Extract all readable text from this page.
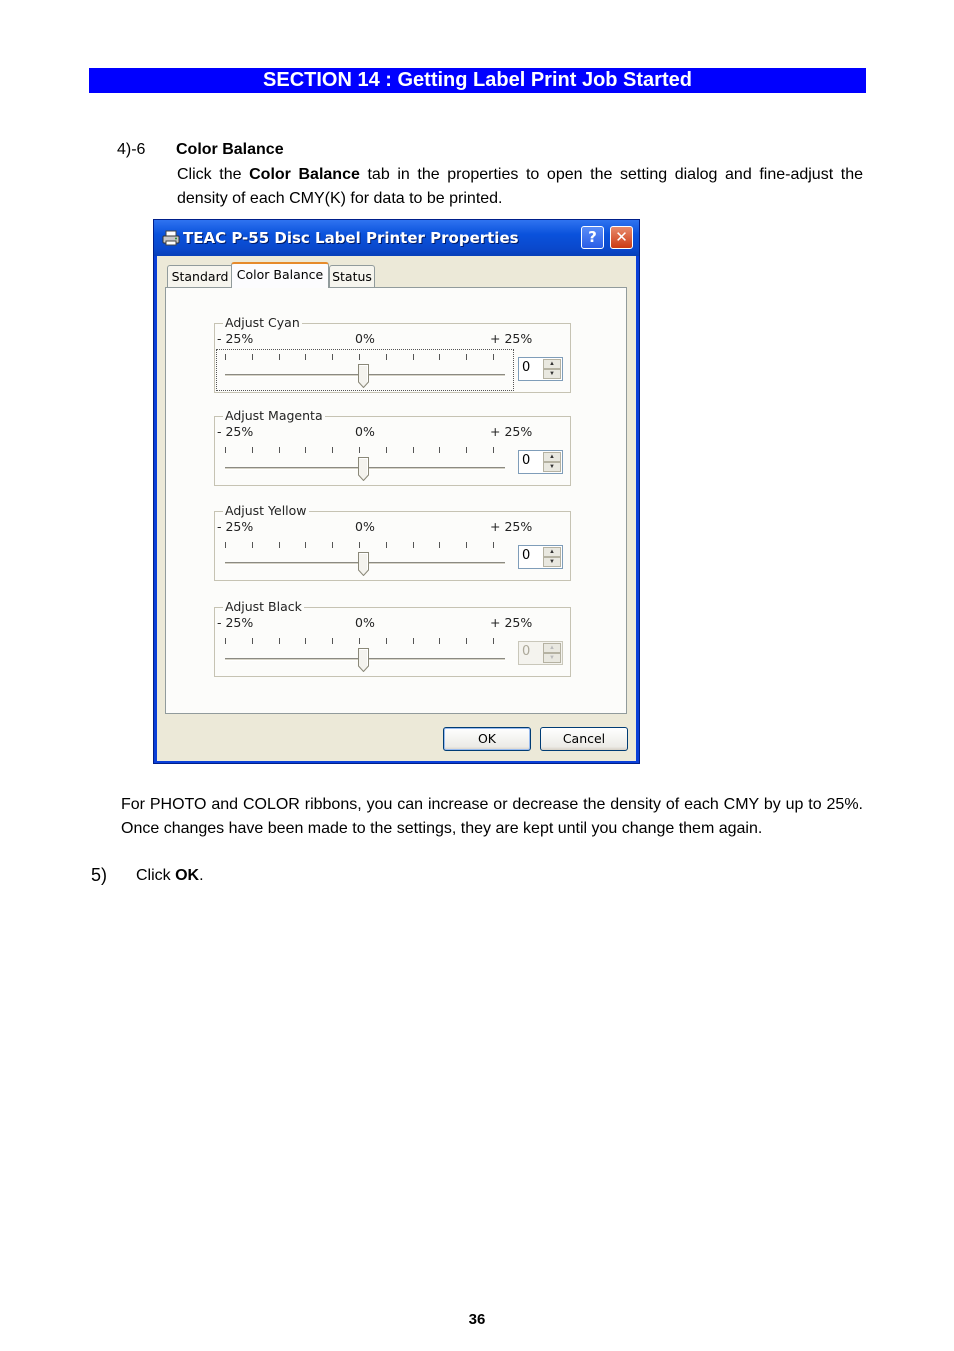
SECTION 14 : Getting Label Print Job Started
4)-6 Color Balance
Click the Color Balance tab in the properties to open the setting dialog and fine-adjust the density of each CMY(K) for data to be printed.
TEAC P-55 Disc Label Printer Properties	?	✕
Standard Color Balance Status
Adjust Cyan
- 25%	0%	+ 25%
0	▲
▼
Adjust Magenta
- 25%	0%	+ 25%
0	▲
▼
Adjust Yellow
- 25%	0%	+ 25%
0	▲
▼
Adjust Black
- 25%	0%	+ 25%
0	▲
▼
OK	Cancel
For PHOTO and COLOR ribbons, you can increase or decrease the density of each CMY by up to 25%. Once changes have been made to the settings, they are kept until you change them again.
5) Click OK.
36
